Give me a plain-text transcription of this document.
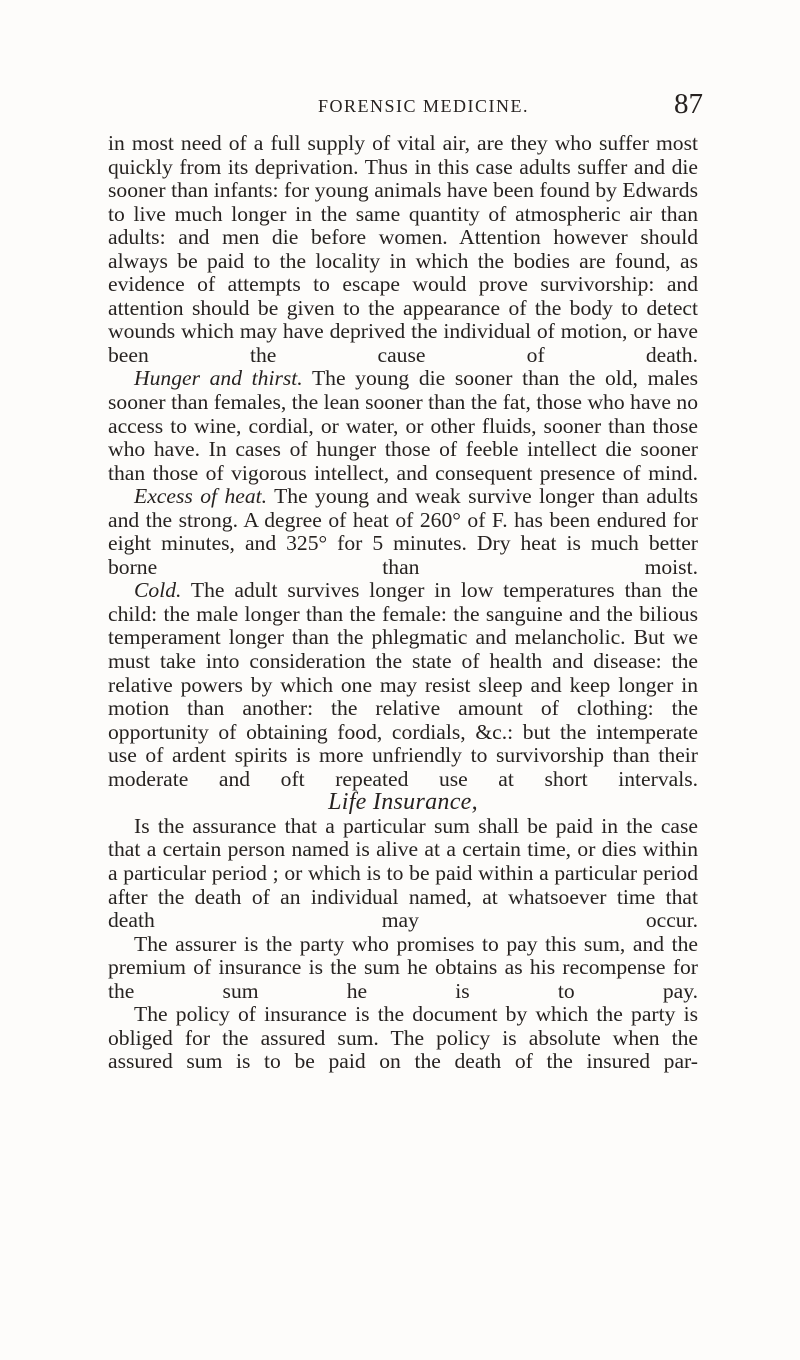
FORENSIC MEDICINE.	87

in most need of a full supply of vital air, are they who suffer most quickly from its deprivation. Thus in this case adults suffer and die sooner than infants: for young animals have been found by Edwards to live much longer in the same quantity of atmospheric air than adults: and men die before women. Attention however should always be paid to the locality in which the bodies are found, as evidence of attempts to escape would prove survivorship: and attention should be given to the appearance of the body to detect wounds which may have deprived the individual of motion, or have been the cause of death.

Hunger and thirst. The young die sooner than the old, males sooner than females, the lean sooner than the fat, those who have no access to wine, cordial, or water, or other fluids, sooner than those who have. In cases of hunger those of feeble intellect die sooner than those of vigorous intellect, and consequent presence of mind.

Excess of heat. The young and weak survive longer than adults and the strong. A degree of heat of 260° of F. has been endured for eight minutes, and 325° for 5 minutes. Dry heat is much better borne than moist.

Cold. The adult survives longer in low temperatures than the child: the male longer than the female: the sanguine and the bilious temperament longer than the phlegmatic and melancholic. But we must take into consideration the state of health and disease: the relative powers by which one may resist sleep and keep longer in motion than another: the relative amount of clothing: the opportunity of obtaining food, cordials, &c.: but the intemperate use of ardent spirits is more unfriendly to survivorship than their moderate and oft repeated use at short intervals.

Life Insurance,

Is the assurance that a particular sum shall be paid in the case that a certain person named is alive at a certain time, or dies within a particular period ; or which is to be paid within a particular period after the death of an individual named, at whatsoever time that death may occur.

The assurer is the party who promises to pay this sum, and the premium of insurance is the sum he obtains as his recompense for the sum he is to pay.

The policy of insurance is the document by which the party is obliged for the assured sum. The policy is absolute when the assured sum is to be paid on the death of the insured par-
